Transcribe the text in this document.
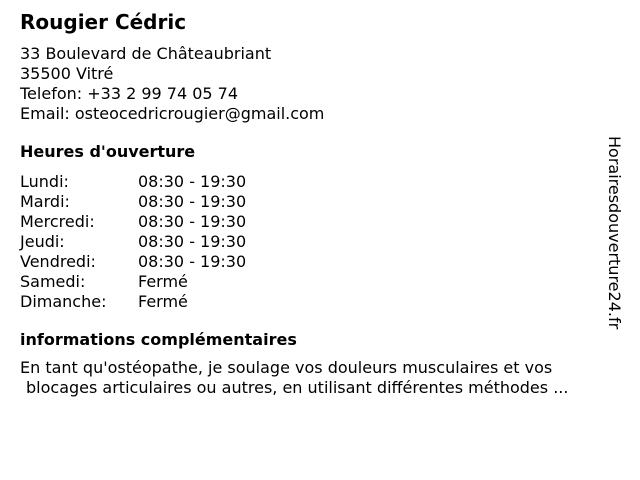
Rougier Cédric
33 Boulevard de Châteaubriant
35500 Vitré
Telefon: +33 2 99 74 05 74
Email: osteocedricrougier@gmail.com
Heures d'ouverture
Lundi:	08:30 - 19:30
Mardi:	08:30 - 19:30
Mercredi:	08:30 - 19:30
Jeudi:	08:30 - 19:30
Vendredi:	08:30 - 19:30
Samedi:	Fermé
Dimanche:	Fermé
informations complémentaires
En tant qu'ostéopathe, je soulage vos douleurs musculaires et vos
blocages articulaires ou autres, en utilisant différentes méthodes ...
Horairesdouverture24.fr
